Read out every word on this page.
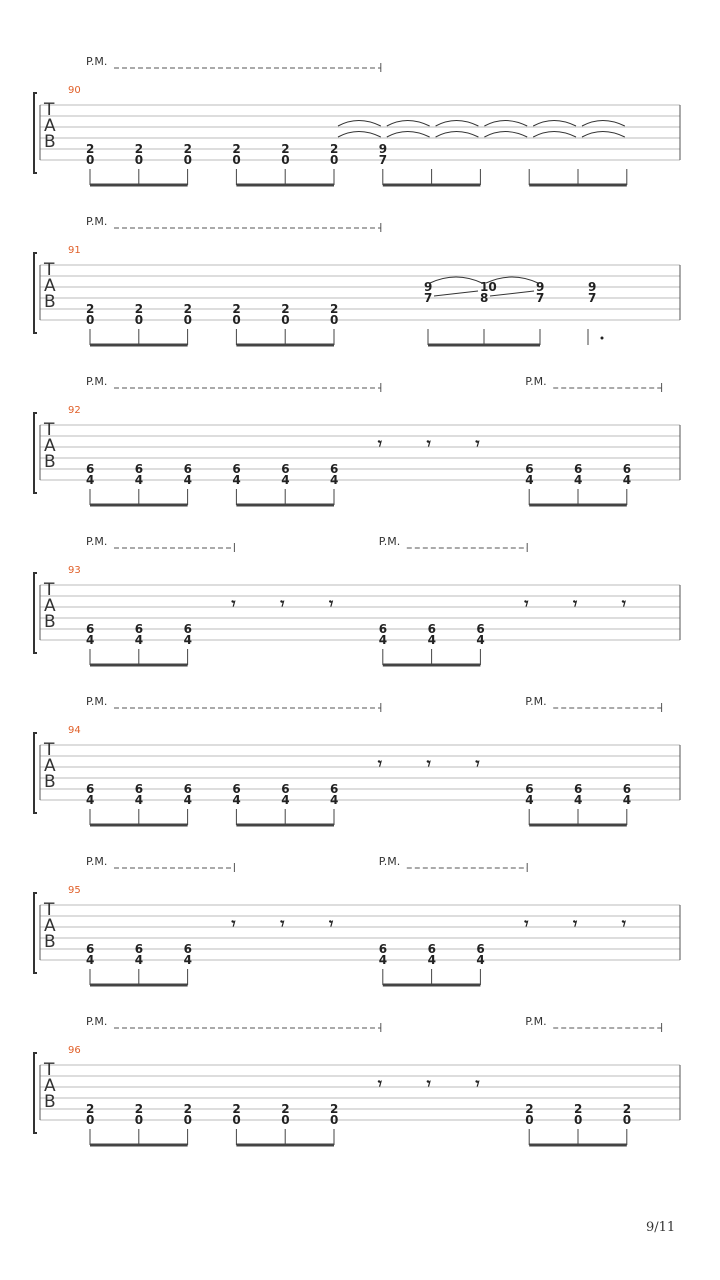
T
A
B
90
P.M.
2
0
2
0
2
0
2
0
2
0
2
0
9
7
T
A
B
91
P.M.
2
0
2
0
2
0
2
0
2
0
2
0
9
7
10
8
9
7
9
7
T
A
B
92
P.M.	P.M.
6
4
6
4
6
4
6
4
6
4
6
4
6
4
6
4
6
4
𝄾	𝄾	𝄾
T
A
B
93
P.M.	P.M.
6
4
6
4
6
4
6
4
6
4
6
4
𝄾	𝄾	𝄾	𝄾	𝄾	𝄾
T
A
B
94
P.M.	P.M.
6
4
6
4
6
4
6
4
6
4
6
4
6
4
6
4
6
4
𝄾	𝄾	𝄾
T
A
B
95
P.M.	P.M.
6
4
6
4
6
4
6
4
6
4
6
4
𝄾	𝄾	𝄾	𝄾	𝄾	𝄾
T
A
B
96
P.M.	P.M.
2
0
2
0
2
0
2
0
2
0
2
0
2
0
2
0
2
0
𝄾	𝄾	𝄾
9/11
